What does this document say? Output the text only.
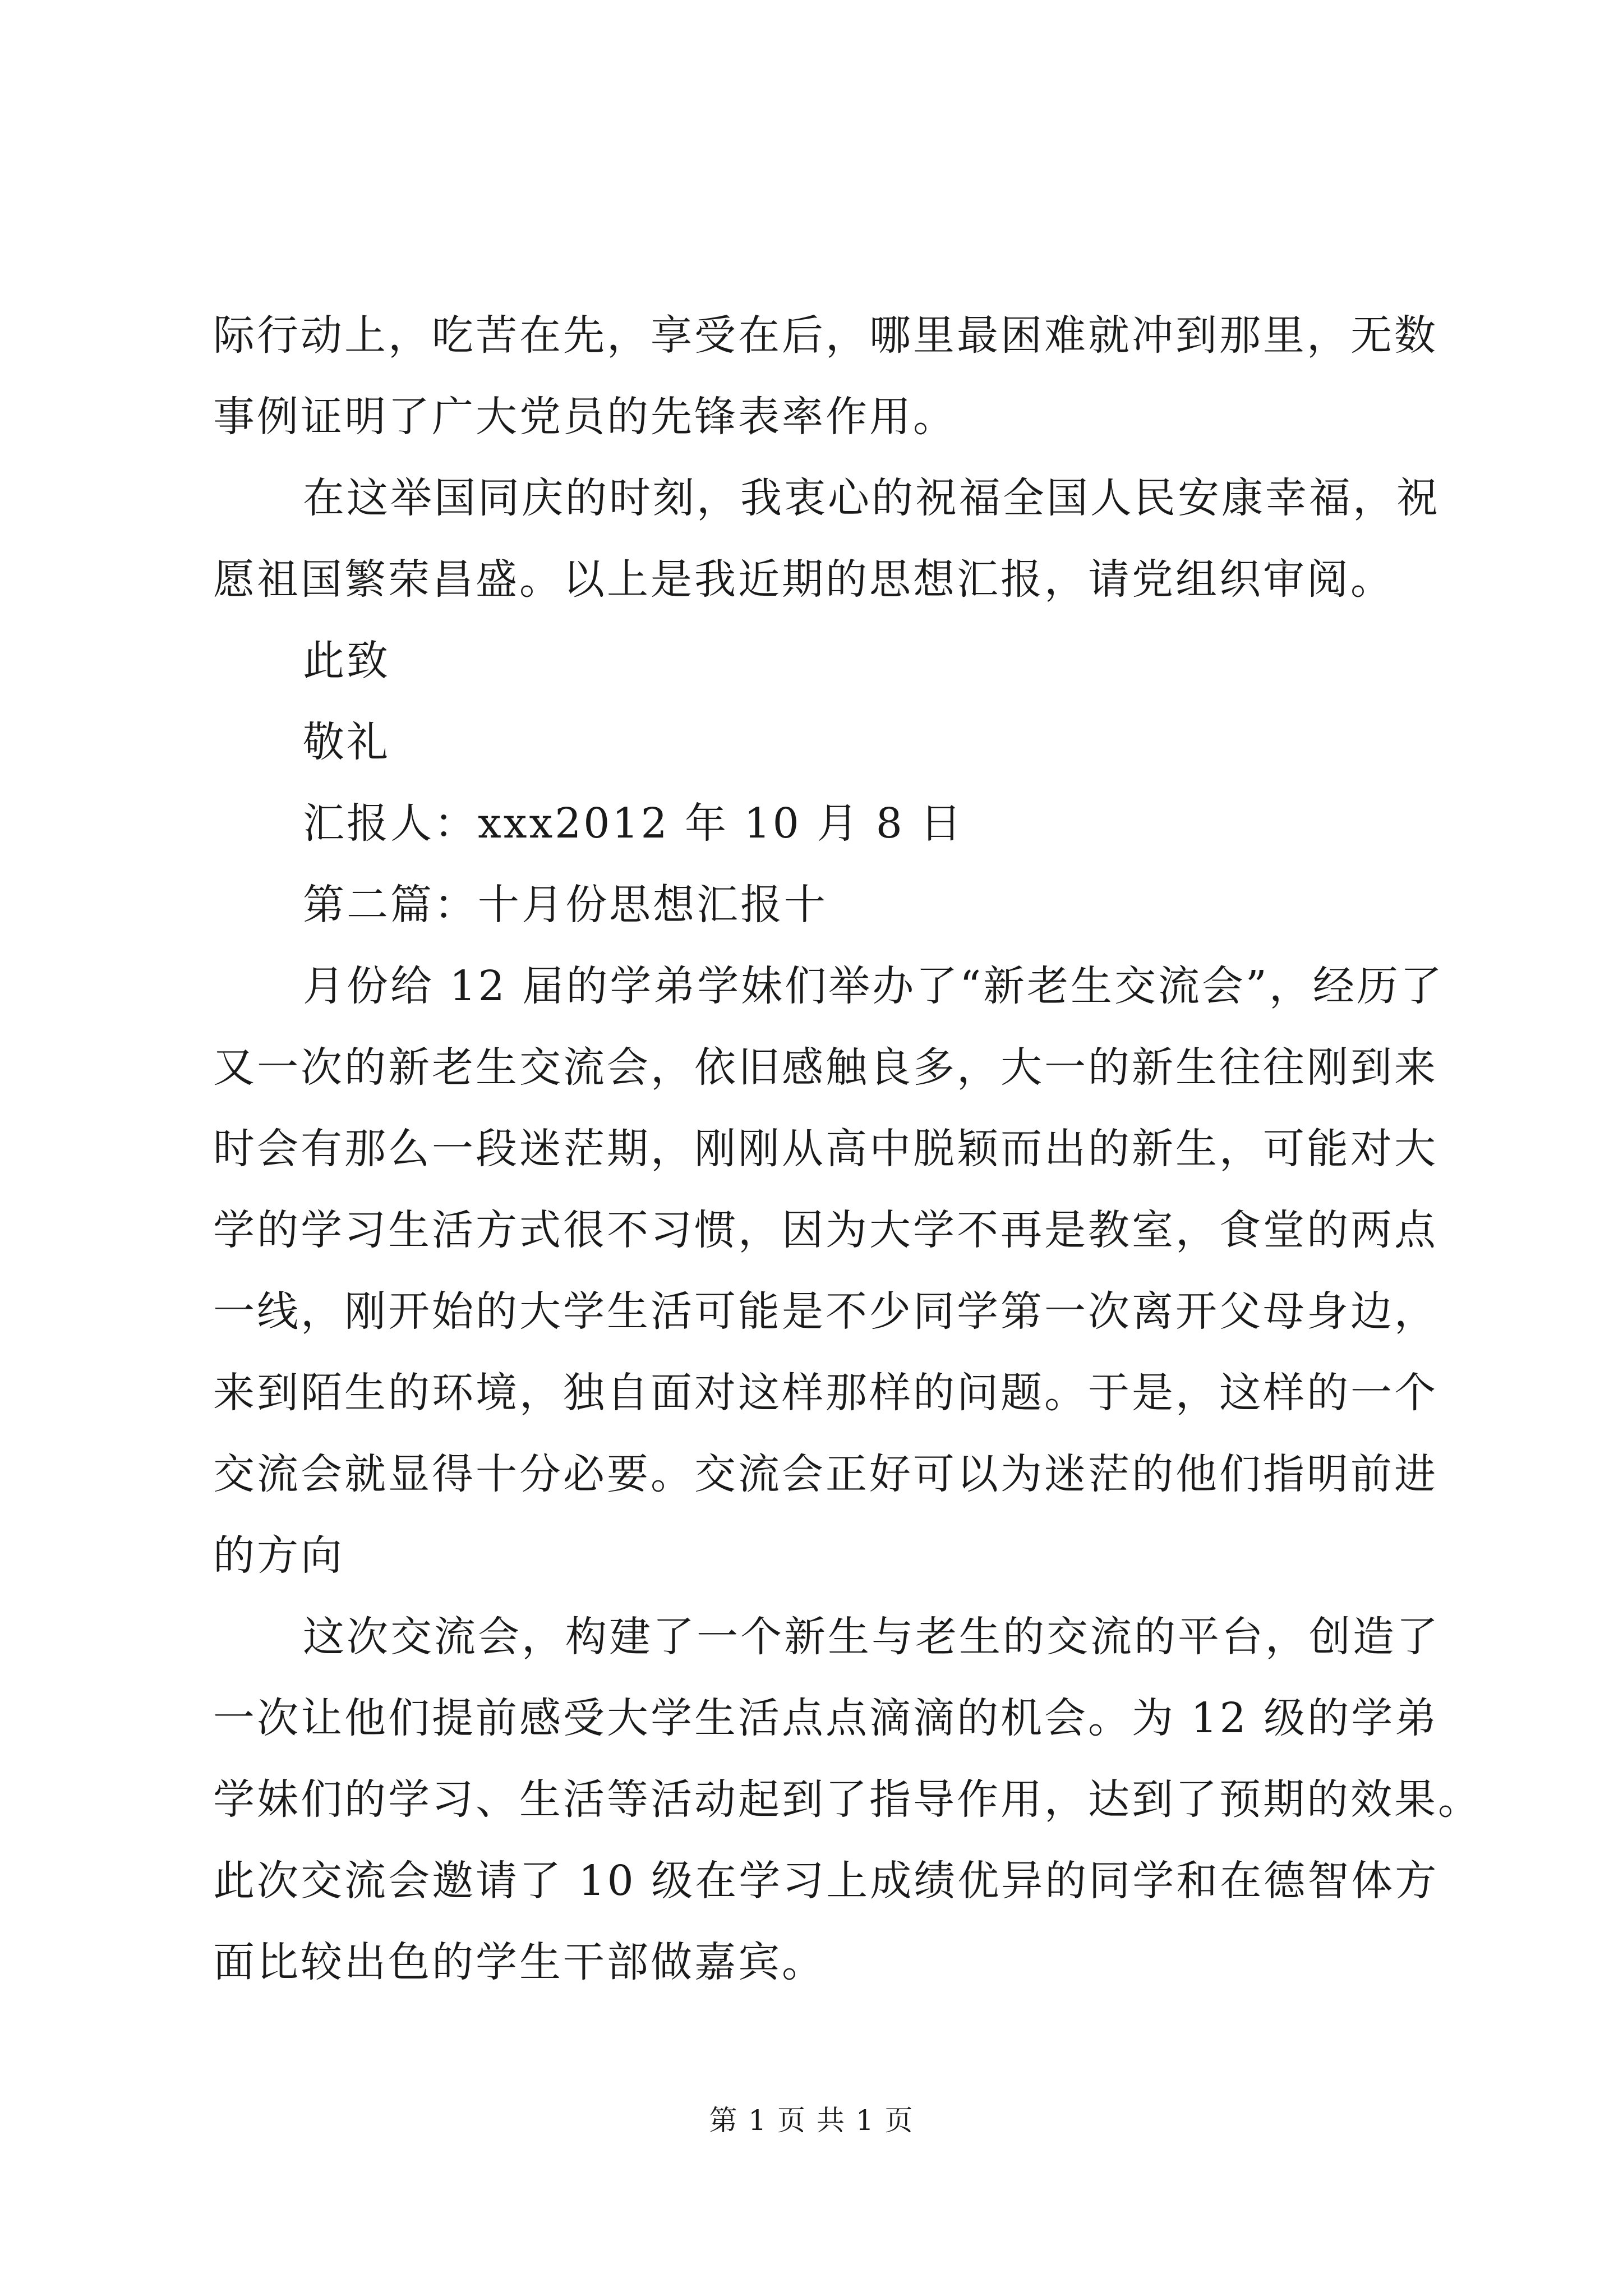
际行动上，吃苦在先，享受在后，哪里最困难就冲到那里，无数
事例证明了广大党员的先锋表率作用。
在这举国同庆的时刻，我衷心的祝福全国人民安康幸福，祝
愿祖国繁荣昌盛。以上是我近期的思想汇报，请党组织审阅。
此致
敬礼
汇报人：xxx2012 年 10 月 8 日
第二篇：十月份思想汇报十
月份给 12 届的学弟学妹们举办了“新老生交流会”，经历了
又一次的新老生交流会，依旧感触良多，大一的新生往往刚到来
时会有那么一段迷茫期，刚刚从高中脱颖而出的新生，可能对大
学的学习生活方式很不习惯，因为大学不再是教室，食堂的两点
一线，刚开始的大学生活可能是不少同学第一次离开父母身边，
来到陌生的环境，独自面对这样那样的问题。于是，这样的一个
交流会就显得十分必要。交流会正好可以为迷茫的他们指明前进
的方向
这次交流会，构建了一个新生与老生的交流的平台，创造了
一次让他们提前感受大学生活点点滴滴的机会。为 12 级的学弟
学妹们的学习、生活等活动起到了指导作用，达到了预期的效果。
此次交流会邀请了 10 级在学习上成绩优异的同学和在德智体方
面比较出色的学生干部做嘉宾。
第 1 页 共 1 页
